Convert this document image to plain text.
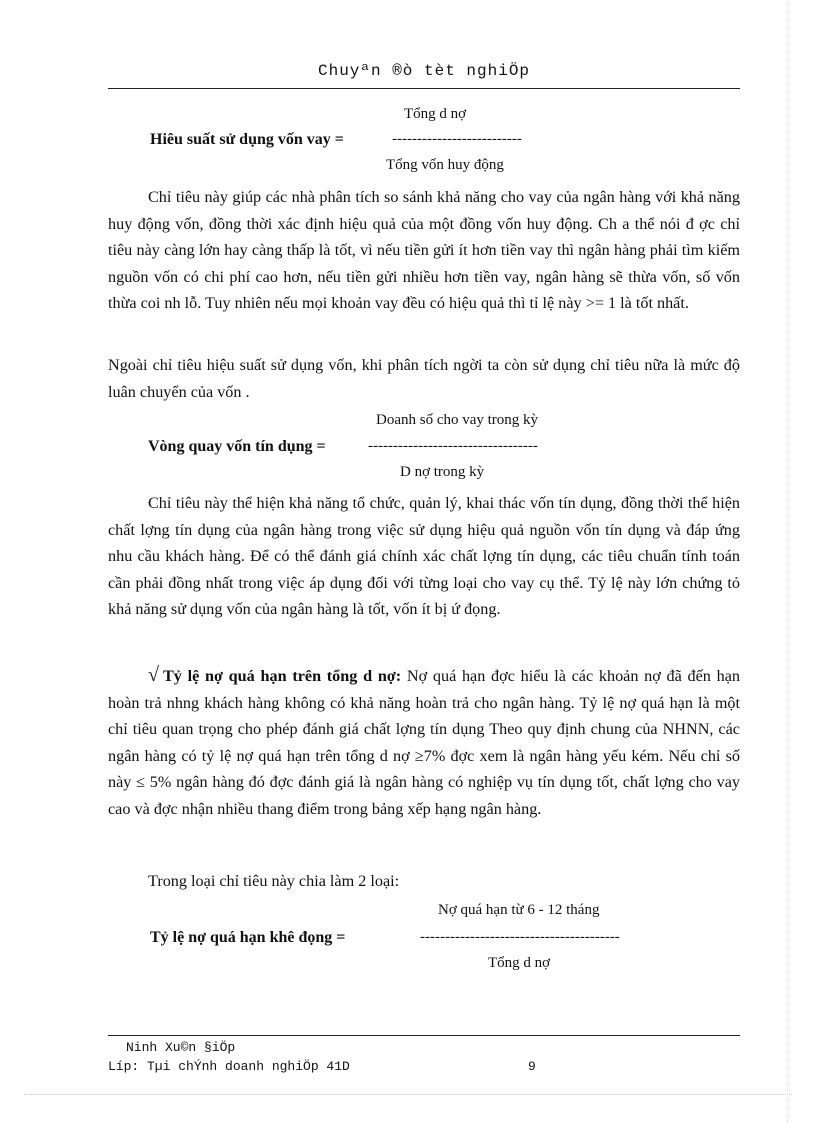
Chuyªn ®ò tèt nghiÖp
Tổng d nợ
Hiêu suất sử dụng vốn vay =	--------------------------
Tổng vốn huy động
Chỉ tiêu này giúp các nhà phân tích so sánh khả năng cho vay của ngân hàng với khả năng huy động vốn, đồng thời xác định hiệu quả của một đồng vốn huy động. Ch a thể nói đ ợc chỉ tiêu này càng lớn hay càng thấp là tốt, vì nếu tiền gửi ít hơn tiền vay thì ngân hàng phải tìm kiếm nguồn vốn có chi phí cao hơn, nếu tiền gửi nhiều hơn tiền vay, ngân hàng sẽ thừa vốn, số vốn thừa coi nh lỗ. Tuy nhiên nếu mọi khoản vay đều có hiệu quả thì tỉ lệ này >= 1 là tốt nhất.
Ngoài chỉ tiêu hiệu suất sử dụng vốn, khi phân tích ngời ta còn sử dụng chỉ tiêu nữa là mức độ luân chuyển của vốn .
Doanh số cho vay trong kỳ
Vòng quay vốn tín dụng =	----------------------------------
D nợ trong kỳ
Chỉ tiêu này thể hiện khả năng tổ chức, quản lý, khai thác vốn tín dụng, đồng thời thể hiện chất lợng tín dụng của ngân hàng trong việc sử dụng hiệu quả nguồn vốn tín dụng và đáp ứng nhu cầu khách hàng. Để có thể đánh giá chính xác chất lợng tín dụng, các tiêu chuẩn tính toán cần phải đồng nhất trong việc áp dụng đối với từng loại cho vay cụ thể. Tỷ lệ này lớn chứng tỏ khả năng sử dụng vốn của ngân hàng là tốt, vốn ít bị ứ đọng.
√ Tỷ lệ nợ quá hạn trên tổng d nợ: Nợ quá hạn đợc hiểu là các khoản nợ đã đến hạn hoàn trả nhng khách hàng không có khả năng hoàn trả cho ngân hàng. Tỷ lệ nợ quá hạn là một chỉ tiêu quan trọng cho phép đánh giá chất lợng tín dụng Theo quy định chung của NHNN, các ngân hàng có tỷ lệ nợ quá hạn trên tổng d nợ ≥7% đợc xem là ngân hàng yếu kém. Nếu chỉ số này ≤ 5% ngân hàng đó đợc đánh giá là ngân hàng có nghiệp vụ tín dụng tốt, chất lợng cho vay cao và đợc nhận nhiều thang điểm trong bảng xếp hạng ngân hàng.
Trong loại chỉ tiêu này chia làm 2 loại:
Nợ quá hạn từ 6 - 12 tháng
Tỷ lệ nợ quá hạn khê đọng =	----------------------------------------
Tổng d nợ
Ninh Xu©n §iÖp
Líp: Tµi chÝnh doanh nghiÖp 41D	9
